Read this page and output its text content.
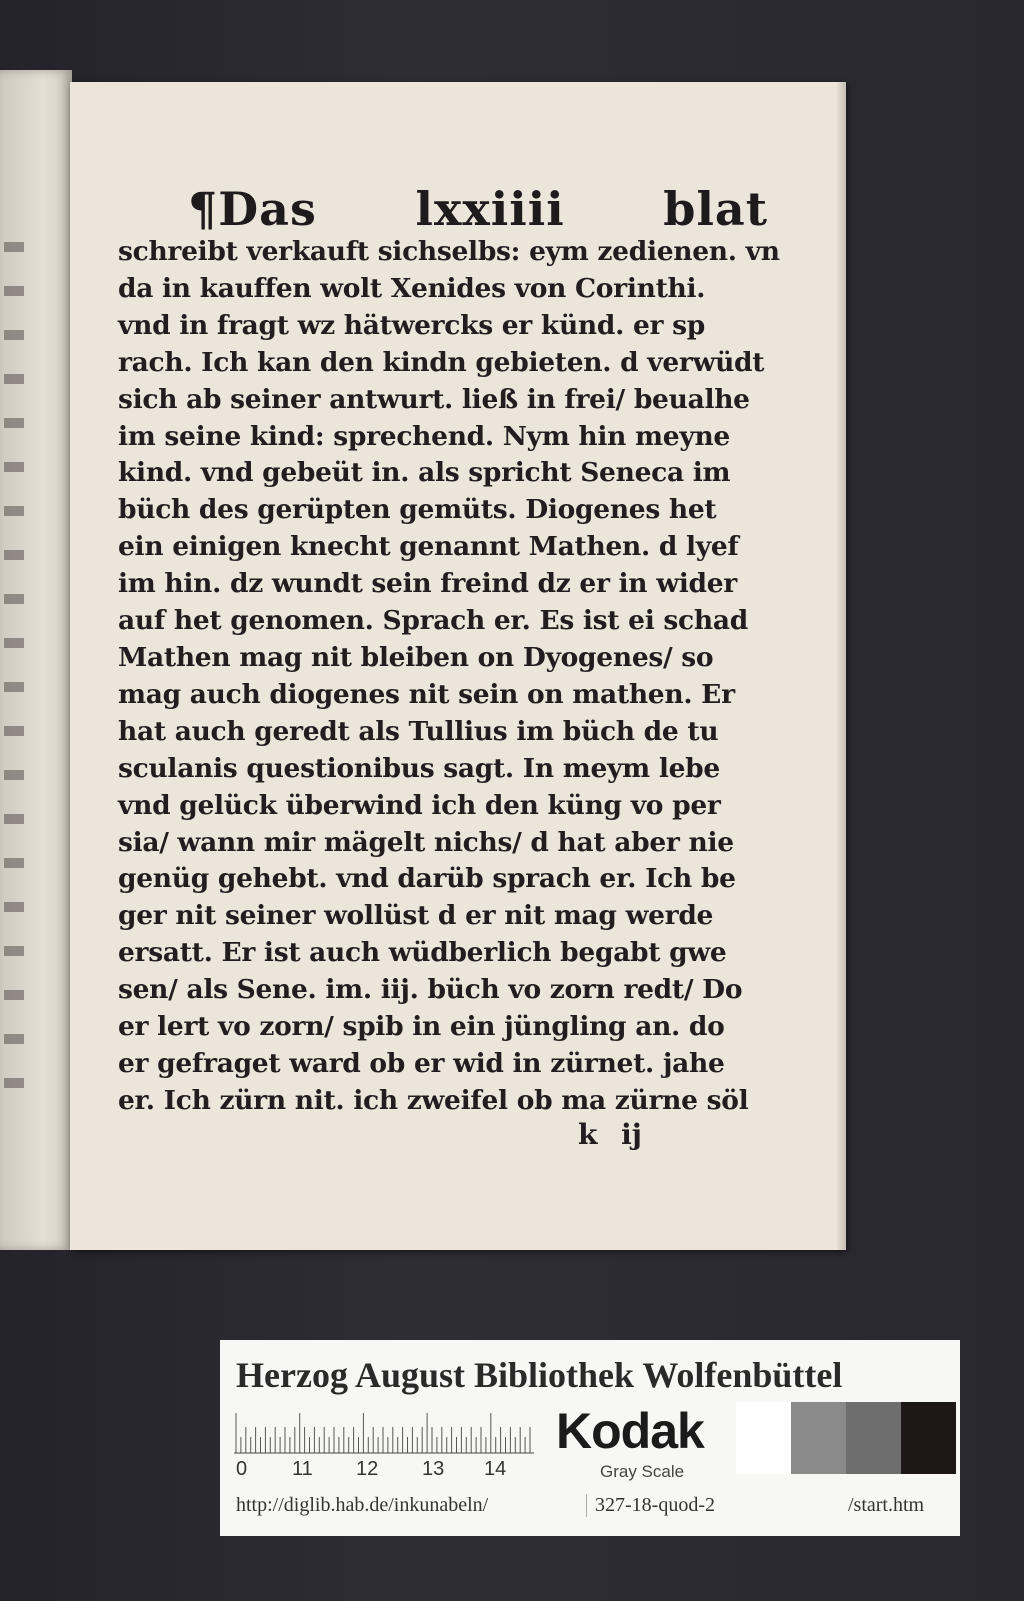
¶Das lxxiiii blat
schreibt verkauft sichselbs: eym zedienen. vn
da in kauffen wolt Xenides von Corinthi.
vnd in fragt wz hätwercks er künd. er sp
rach. Ich kan den kindn gebieten. d verwüdt
sich ab seiner antwurt. ließ in frei/ beualhe
im seine kind: sprechend. Nym hin meyne
kind. vnd gebeüt in. als spricht Seneca im
büch des gerüpten gemüts. Diogenes het
ein einigen knecht genannt Mathen. d lyef
im hin. dz wundt sein freind dz er in wider
auf het genomen. Sprach er. Es ist ei schad
Mathen mag nit bleiben on Dyogenes/ so
mag auch diogenes nit sein on mathen. Er
hat auch geredt als Tullius im büch de tu
sculanis questionibus sagt. In meym lebe
vnd gelück überwind ich den küng vo per
sia/ wann mir mägelt nichs/ d hat aber nie
genüg gehebt. vnd darüb sprach er. Ich be
ger nit seiner wollüst d er nit mag werde
ersatt. Er ist auch wüdberlich begabt gwe
sen/ als Sene. im. iij. büch vo zorn redt/ Do
er lert vo zorn/ spib in ein jüngling an. do
er gefraget ward ob er wid in zürnet. jahe
er. Ich zürn nit. ich zweifel ob ma zürne söl
k ij
Herzog August Bibliothek Wolfenbüttel
0 11 12 13 14
Kodak
Gray Scale
http://diglib.hab.de/inkunabeln/	327-18-quod-2	/start.htm
